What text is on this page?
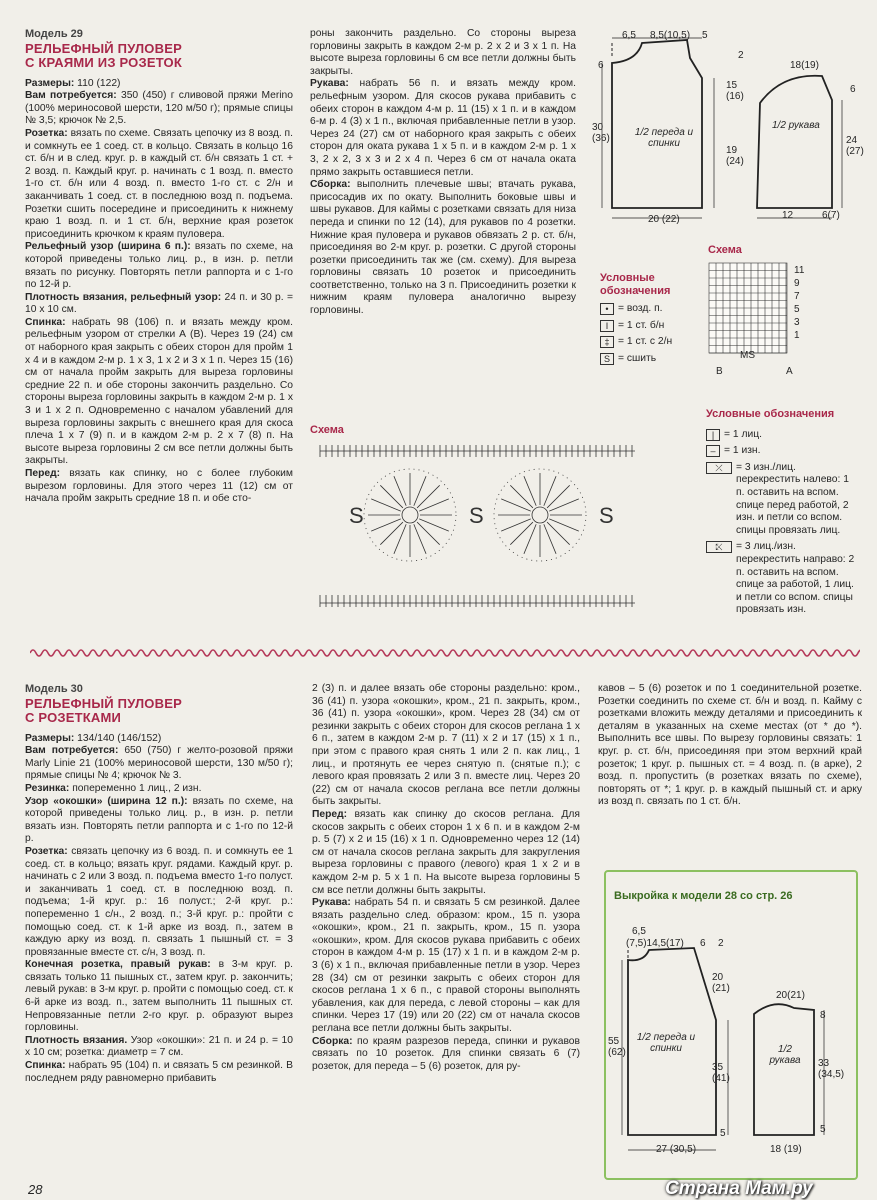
Модель 29
РЕЛЬЕФНЫЙ ПУЛОВЕР
С КРАЯМИ ИЗ РОЗЕТОК

Размеры: 110 (122)

Вам потребуется: 350 (450) г сливовой пряжи Merino (100% мериносовой шерсти, 120 м/50 г); прямые спицы № 3,5; крючок № 2,5.

Розетка: вязать по схеме. Связать цепочку из 8 возд. п. и сомкнуть ее 1 соед. ст. в кольцо. Связать в кольцо 16 ст. б/н и в след. круг. р. в каждый ст. б/н связать 1 ст. + 2 возд. п. Каждый круг. р. начинать с 1 возд. п. вместо 1-го ст. б/н или 4 возд. п. вместо 1-го ст. с 2/н и заканчивать 1 соед. ст. в последнюю возд п. подъема. Розетки сшить посередине и присоединить к нижнему краю 1 возд. п. и 1 ст. б/н, верхние края розеток присоединить крючком к краям пуловера.

Рельефный узор (ширина 6 п.): вязать по схеме, на которой приведены только лиц. р., в изн. р. петли вязать по рисунку. Повторять петли раппорта и с 1-го по 12-й р.

Плотность вязания, рельефный узор: 24 п. и 30 р. = 10 х 10 см.

Спинка: набрать 98 (106) п. и вязать между кром. рельефным узором от стрелки А (В). Через 19 (24) см от наборного края закрыть с обеих сторон для пройм 1 х 4 и в каждом 2-м р. 1 х 3, 1 х 2 и 3 х 1 п. Через 15 (16) см от начала пройм закрыть для выреза горловины средние 22 п. и обе стороны закончить раздельно. Со стороны выреза горловины закрыть в каждом 2-м р. 1 х 3 и 1 х 2 п. Одновременно с началом убавлений для выреза горловины закрыть с внешнего края для скоса плеча 1 х 7 (9) п. и в каждом 2-м р. 2 х 7 (8) п. На высоте выреза горловины 2 см все петли должны быть закрыты.

Перед: вязать как спинку, но с более глубоким вырезом горловины. Для этого через 11 (12) см от начала пройм закрыть средние 18 п. и обе сто-

роны закончить раздельно. Со стороны выреза горловины закрыть в каждом 2-м р. 2 х 2 и 3 х 1 п. На высоте выреза горловины 6 см все петли должны быть закрыты.

Рукава: набрать 56 п. и вязать между кром. рельефным узором. Для скосов рукава прибавить с обеих сторон в каждом 4-м р. 11 (15) х 1 п. и в каждом 6-м р. 4 (3) х 1 п., включая прибавленные петли в узор. Через 24 (27) см от наборного края закрыть с обеих сторон для оката рукава 1 х 5 п. и в каждом 2-м р. 1 х 3, 2 х 2, 3 х 3 и 2 х 4 п. Через 6 см от начала оката прямо закрыть оставшиеся петли.

Сборка: выполнить плечевые швы; втачать рукава, присосадив их по окату. Выполнить боковые швы и швы рукавов. Для каймы с розетками связать для низа переда и спинки по 12 (14), для рукавов по 4 розетки. Нижние края пуловера и рукавов обвязать 2 р. ст. б/н, присоединяя во 2-м круг. р. розетки. С другой стороны розетки присоединить так же (см. схему). Для выреза горловины связать 10 розеток и присоединить соответственно, только на 3 п. Присоединить розетки к нижним краям пуловера аналогично вырезу горловины.

6,5 8,5(10,5) 5
6
2
15 (16)
30 (36)
19 (24)
20 (22)
1/2 переда и спинки
18(19)
6
24 (27)
12	6(7)
1/2 рукава
Условные обозначения
• = возд. п.
I = 1 ст. б/н
‡ = 1 ст. с 2/н
S = сшить
Схема
11
9
7
5
3
1
MS
B	A
Условные обозначения
| = 1 лиц.
– = 1 изн.
⤫	= 3 изн./лиц. перекрестить налево: 1 п. оставить на вспом. спице перед работой, 2 изн. и петли со вспом. спицы провязать лиц.
⤪	= 3 лиц./изн. перекрестить направо: 2 п. оставить на вспом. спице за работой, 1 лиц. и петли со вспом. спицы провязать изн.
Схема
S	S	S
Модель 30
РЕЛЬЕФНЫЙ ПУЛОВЕР
С РОЗЕТКАМИ

Размеры: 134/140 (146/152)

Вам потребуется: 650 (750) г желто-розовой пряжи Marly Linie 21 (100% мериносовой шерсти, 130 м/50 г); прямые спицы № 4; крючок № 3.

Резинка: попеременно 1 лиц., 2 изн.

Узор «окошки» (ширина 12 п.): вязать по схеме, на которой приведены только лиц. р., в изн. р. петли вязать изн. Повторять петли раппорта и с 1-го по 12-й р.

Розетка: связать цепочку из 6 возд. п. и сомкнуть ее 1 соед. ст. в кольцо; вязать круг. рядами. Каждый круг. р. начинать с 2 или 3 возд. п. подъема вместо 1-го полуст. и заканчивать 1 соед. ст. в последнюю возд. п. подъема; 1-й круг. р.: 16 полуст.; 2-й круг. р.: попеременно 1 с/н., 2 возд. п.; 3-й круг. р.: пройти с помощью соед. ст. к 1-й арке из возд. п., затем в каждую арку из возд. п. связать 1 пышный ст. = 3 провязанные вместе ст. с/н, 3 возд. п.

Конечная розетка, правый рукав: в 3-м круг. р. связать только 11 пышных ст., затем круг. р. закончить; левый рукав: в 3-м круг. р. пройти с помощью соед. ст. к 6-й арке из возд. п., затем выполнить 11 пышных ст. Непровязанные петли 2-го круг. р. образуют вырез горловины.

Плотность вязания. Узор «окошки»: 21 п. и 24 р. = 10 х 10 см; розетка: диаметр = 7 см.

Спинка: набрать 95 (104) п. и связать 5 см резинкой. В последнем ряду равномерно прибавить

2 (3) п. и далее вязать обе стороны раздельно: кром., 36 (41) п. узора «окошки», кром., 21 п. закрыть, кром., 36 (41) п. узора «окошки», кром. Через 28 (34) см от резинки закрыть с обеих сторон для скосов реглана 1 х 6 п., затем в каждом 2-м р. 7 (11) х 2 и 17 (15) х 1 п., при этом с правого края снять 1 или 2 п. как лиц., 1 лиц., и протянуть ее через снятую п. (снятые п.); с левого края провязать 2 или 3 п. вместе лиц. Через 20 (22) см от начала скосов реглана все петли должны быть закрыты.

Перед: вязать как спинку до скосов реглана. Для скосов закрыть с обеих сторон 1 х 6 п. и в каждом 2-м р. 5 (7) х 2 и 15 (16) х 1 п. Одновременно через 12 (14) см от начала скосов реглана закрыть для закругления выреза горловины с правого (левого) края 1 х 2 и в каждом 2-м р. 5 х 1 п. На высоте выреза горловины 5 см все петли должны быть закрыты.

Рукава: набрать 54 п. и связать 5 см резинкой. Далее вязать раздельно след. образом: кром., 15 п. узора «окошки», кром., 21 п. закрыть, кром., 15 п. узора «окошки», кром. Для скосов рукава прибавить с обеих сторон в каждом 4-м р. 15 (17) х 1 п. и в каждом 2-м р. 3 (6) х 1 п., включая прибавленные петли в узор. Через 28 (34) см от резинки закрыть с обеих сторон для скосов реглана 1 х 6 п., с правой стороны выполнять убавления, как для переда, с левой стороны – как для спинки. Через 17 (19) или 20 (22) см от начала скосов реглана все петли должны быть закрыты.

Сборка: по краям разрезов переда, спинки и рукавов связать по 10 розеток. Для спинки связать 6 (7) розеток, для переда – 5 (6) розеток, для ру-

кавов – 5 (6) розеток и по 1 соединительной розетке. Розетки соединить по схеме ст. б/н и возд. п. Кайму с розетками вложить между деталями и присоединить к деталям в указанных на схеме местах (от * до *). Выполнить все швы. По вырезу горловины связать: 1 круг. р. ст. б/н, присоединяя при этом верхний край розеток; 1 круг. р. пышных ст. = 4 возд. п. (в арке), 2 возд. п. пропустить (в розетках вязать по схеме), повторять от *; 1 круг. р. в каждый пышный ст. и арку из возд п. связать по 1 ст. б/н.

Выкройка к модели 28 со стр. 26
6,5
(7,5)14,5(17) 6 2
20 (21)
55 (62)
35 (41)
5
27 (30,5)
1/2 переда и спинки
20(21)
8
33 (34,5)
5
18 (19)
1/2 рукава
28	Страна Мам.ру
